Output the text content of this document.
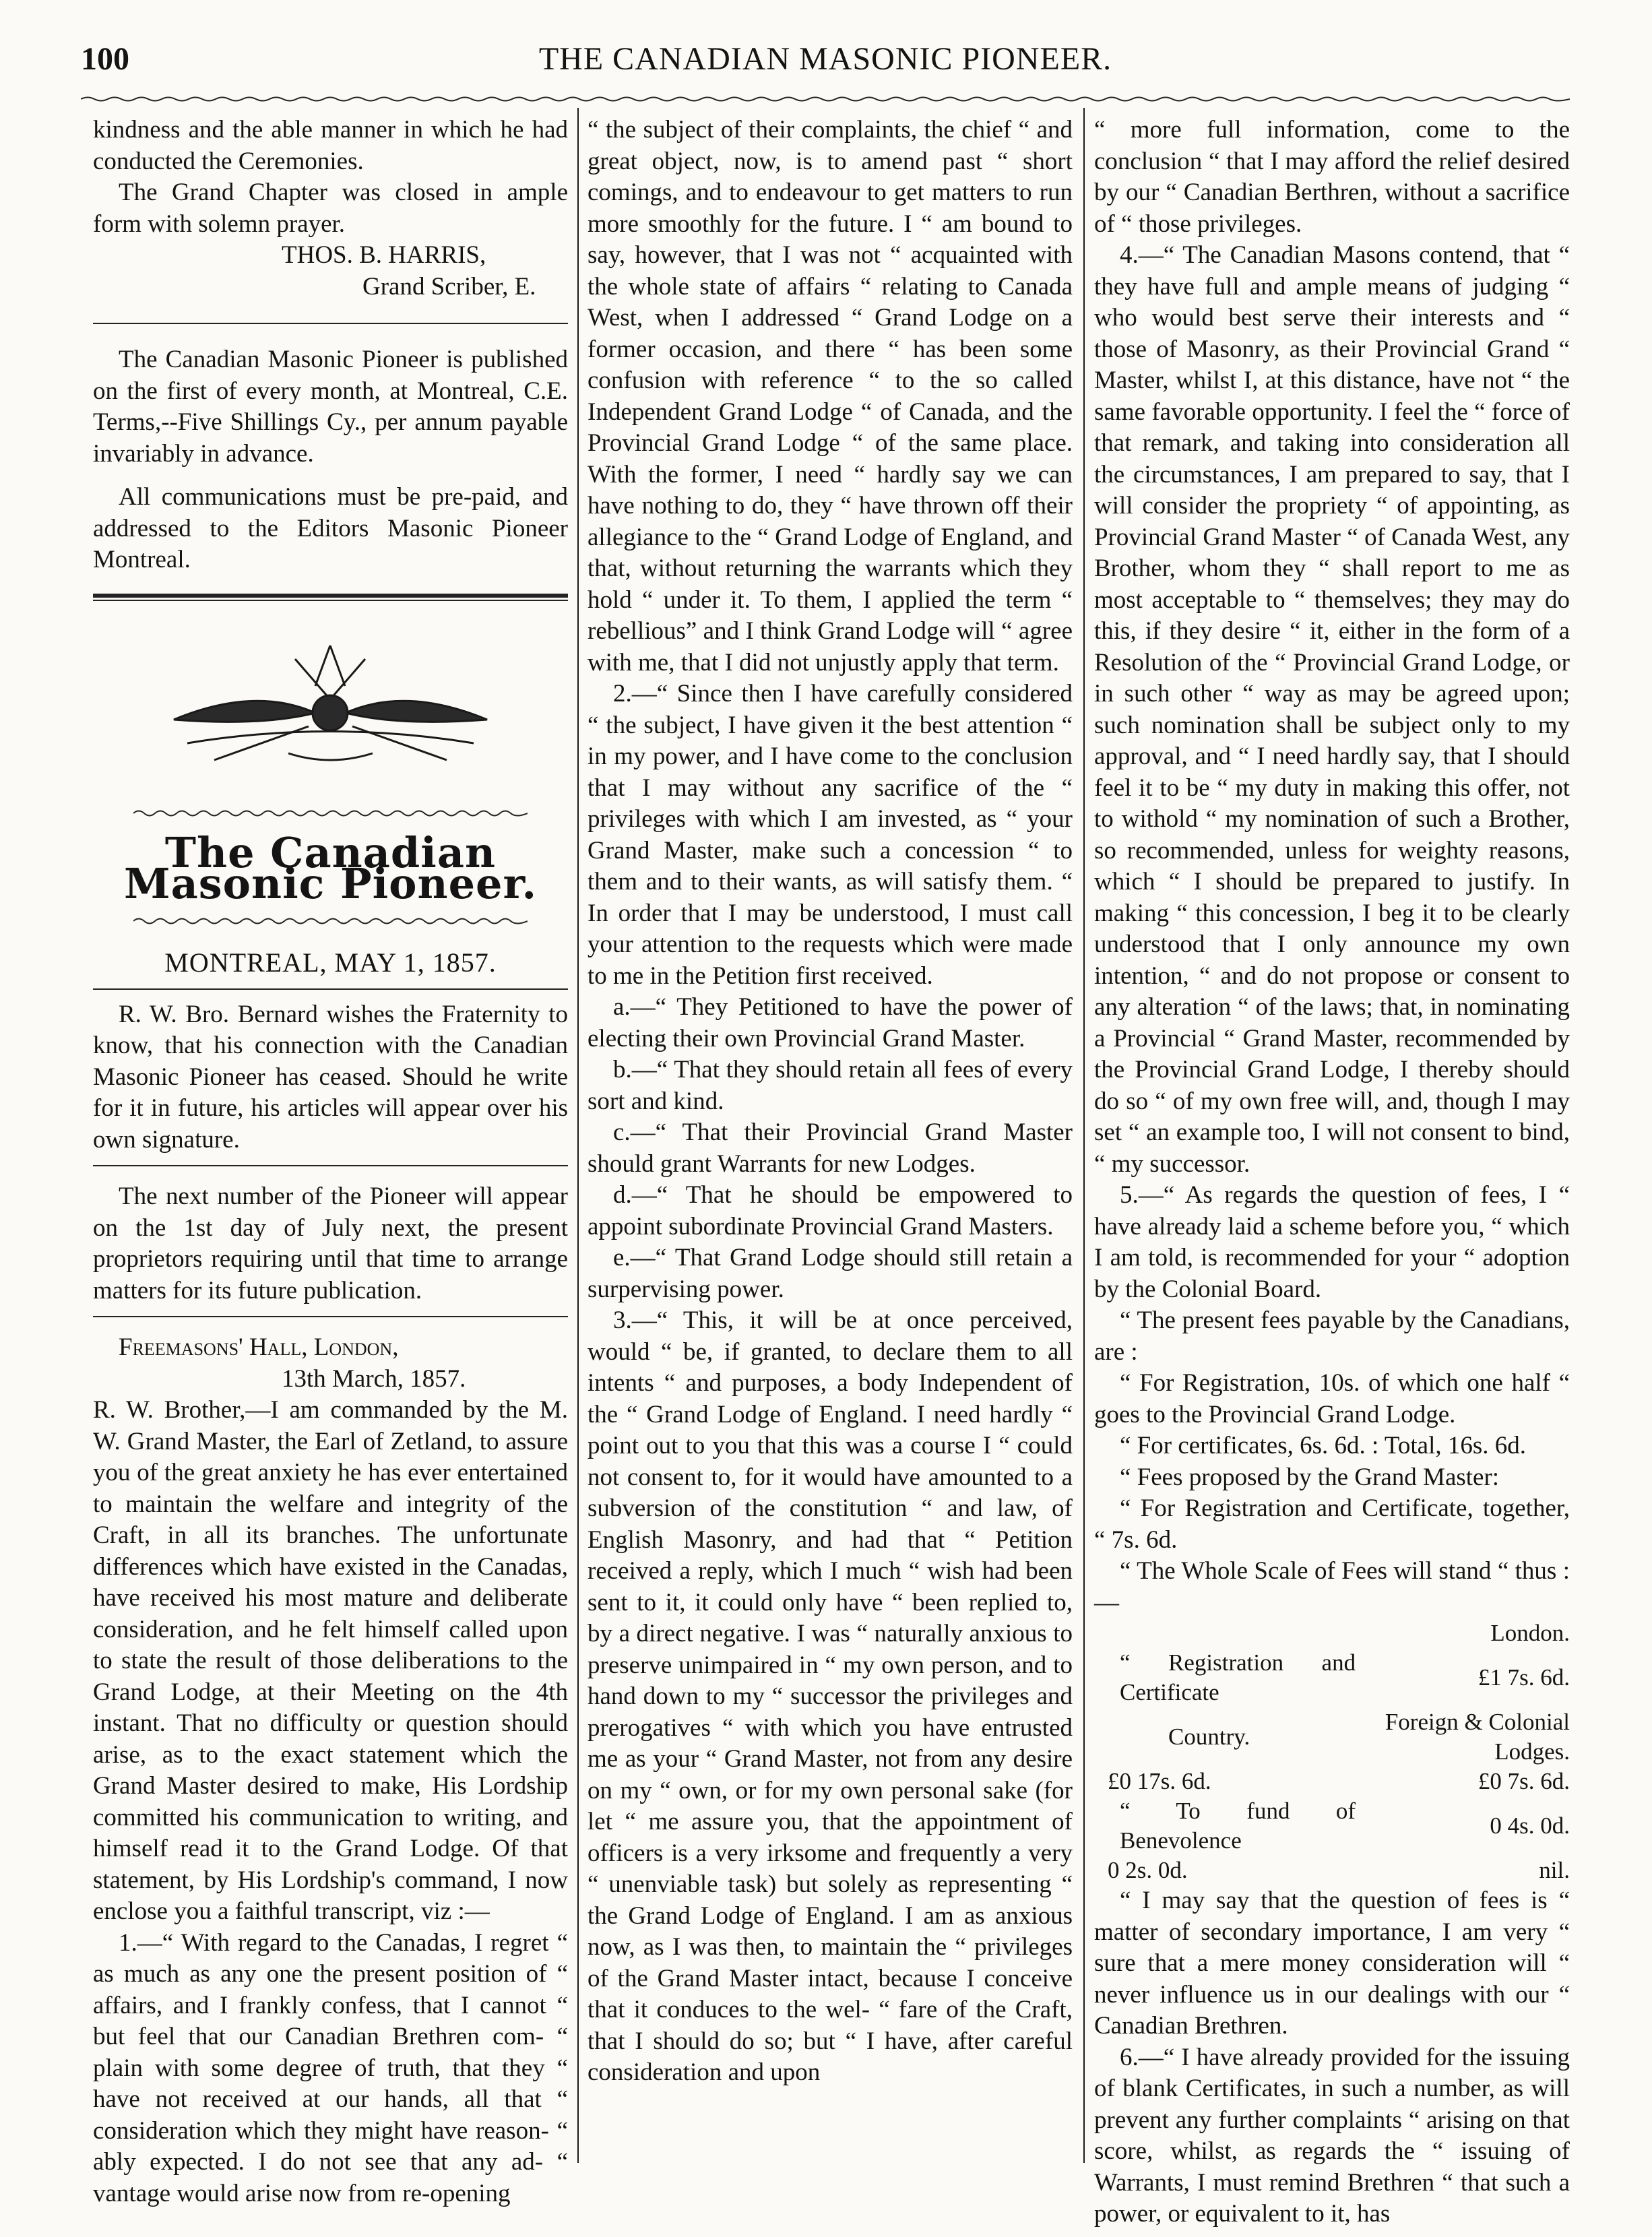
100	THE CANADIAN MASONIC PIONEER.

kindness and the able manner in which he had conducted the Ceremonies.

The Grand Chapter was closed in ample form with solemn prayer.

THOS. B. HARRIS,

Grand Scriber, E.

The Canadian Masonic Pioneer is published on the first of every month, at Montreal, C.E. Terms,--Five Shillings Cy., per annum payable invariably in advance.

All communications must be pre-paid, and addressed to the Editors Masonic Pioneer Montreal.

The Canadian Masonic Pioneer.
MONTREAL, MAY 1, 1857.

R. W. Bro. Bernard wishes the Fraternity to know, that his connection with the Canadian Masonic Pioneer has ceased. Should he write for it in future, his articles will appear over his own signature.

The next number of the Pioneer will appear on the 1st day of July next, the present proprietors requiring until that time to arrange matters for its future publication.

Freemasons' Hall, London,

13th March, 1857.

R. W. Brother,—I am commanded by the M. W. Grand Master, the Earl of Zetland, to assure you of the great anxiety he has ever entertained to maintain the welfare and integrity of the Craft, in all its branches. The unfortunate differences which have existed in the Canadas, have received his most mature and deliberate consideration, and he felt himself called upon to state the result of those deliberations to the Grand Lodge, at their Meeting on the 4th instant. That no difficulty or question should arise, as to the exact statement which the Grand Master desired to make, His Lordship committed his communication to writing, and himself read it to the Grand Lodge. Of that statement, by His Lordship's command, I now enclose you a faithful transcript, viz :—

1.—“ With regard to the Canadas, I regret “ as much as any one the present position of “ affairs, and I frankly confess, that I cannot “ but feel that our Canadian Brethren com- “ plain with some degree of truth, that they “ have not received at our hands, all that “ consideration which they might have reason- “ ably expected. I do not see that any ad- “ vantage would arise now from re-opening

“ the subject of their complaints, the chief “ and great object, now, is to amend past “ short comings, and to endeavour to get matters to run more smoothly for the future. I “ am bound to say, however, that I was not “ acquainted with the whole state of affairs “ relating to Canada West, when I addressed “ Grand Lodge on a former occasion, and there “ has been some confusion with reference “ to the so called Independent Grand Lodge “ of Canada, and the Provincial Grand Lodge “ of the same place. With the former, I need “ hardly say we can have nothing to do, they “ have thrown off their allegiance to the “ Grand Lodge of England, and that, without returning the warrants which they hold “ under it. To them, I applied the term “ rebellious” and I think Grand Lodge will “ agree with me, that I did not unjustly apply that term.

2.—“ Since then I have carefully considered “ the subject, I have given it the best attention “ in my power, and I have come to the conclusion that I may without any sacrifice of the “ privileges with which I am invested, as “ your Grand Master, make such a concession “ to them and to their wants, as will satisfy them. “ In order that I may be understood, I must call your attention to the requests which were made to me in the Petition first received.

a.—“ They Petitioned to have the power of electing their own Provincial Grand Master.

b.—“ That they should retain all fees of every sort and kind.

c.—“ That their Provincial Grand Master should grant Warrants for new Lodges.

d.—“ That he should be empowered to appoint subordinate Provincial Grand Masters.

e.—“ That Grand Lodge should still retain a surpervising power.

3.—“ This, it will be at once perceived, would “ be, if granted, to declare them to all intents “ and purposes, a body Independent of the “ Grand Lodge of England. I need hardly “ point out to you that this was a course I “ could not consent to, for it would have amounted to a subversion of the constitution “ and law, of English Masonry, and had that “ Petition received a reply, which I much “ wish had been sent to it, it could only have “ been replied to, by a direct negative. I was “ naturally anxious to preserve unimpaired in “ my own person, and to hand down to my “ successor the privileges and prerogatives “ with which you have entrusted me as your “ Grand Master, not from any desire on my “ own, or for my own personal sake (for let “ me assure you, that the appointment of officers is a very irksome and frequently a very “ unenviable task) but solely as representing “ the Grand Lodge of England. I am as anxious now, as I was then, to maintain the “ privileges of the Grand Master intact, because I conceive that it conduces to the wel- “ fare of the Craft, that I should do so; but “ I have, after careful consideration and upon

“ more full information, come to the conclusion “ that I may afford the relief desired by our “ Canadian Berthren, without a sacrifice of “ those privileges.

4.—“ The Canadian Masons contend, that “ they have full and ample means of judging “ who would best serve their interests and “ those of Masonry, as their Provincial Grand “ Master, whilst I, at this distance, have not “ the same favorable opportunity. I feel the “ force of that remark, and taking into consideration all the circumstances, I am prepared to say, that I will consider the propriety “ of appointing, as Provincial Grand Master “ of Canada West, any Brother, whom they “ shall report to me as most acceptable to “ themselves; they may do this, if they desire “ it, either in the form of a Resolution of the “ Provincial Grand Lodge, or in such other “ way as may be agreed upon; such nomination shall be subject only to my approval, and “ I need hardly say, that I should feel it to be “ my duty in making this offer, not to withold “ my nomination of such a Brother, so recommended, unless for weighty reasons, which “ I should be prepared to justify. In making “ this concession, I beg it to be clearly understood that I only announce my own intention, “ and do not propose or consent to any alteration “ of the laws; that, in nominating a Provincial “ Grand Master, recommended by the Provincial Grand Lodge, I thereby should do so “ of my own free will, and, though I may set “ an example too, I will not consent to bind, “ my successor.

5.—“ As regards the question of fees, I “ have already laid a scheme before you, “ which I am told, is recommended for your “ adoption by the Colonial Board.

“ The present fees payable by the Canadians, are :

“ For Registration, 10s. of which one half “ goes to the Provincial Grand Lodge.

“ For certificates, 6s. 6d. : Total, 16s. 6d.

“ Fees proposed by the Grand Master:

“ For Registration and Certificate, together, “ 7s. 6d.

“ The Whole Scale of Fees will stand “ thus :—

	London.
“ Registration and Certificate	£1 7s. 6d.
Country.	Foreign & Colonial Lodges.
£0 17s. 6d.	£0 7s. 6d.
“ To fund of Benevolence	0 4s. 0d.
0 2s. 0d.	nil.

“ I may say that the question of fees is “ matter of secondary importance, I am very “ sure that a mere money consideration will “ never influence us in our dealings with our “ Canadian Brethren.

6.—“ I have already provided for the issuing of blank Certificates, in such a number, as will prevent any further complaints “ arising on that score, whilst, as regards the “ issuing of Warrants, I must remind Brethren “ that such a power, or equivalent to it, has
